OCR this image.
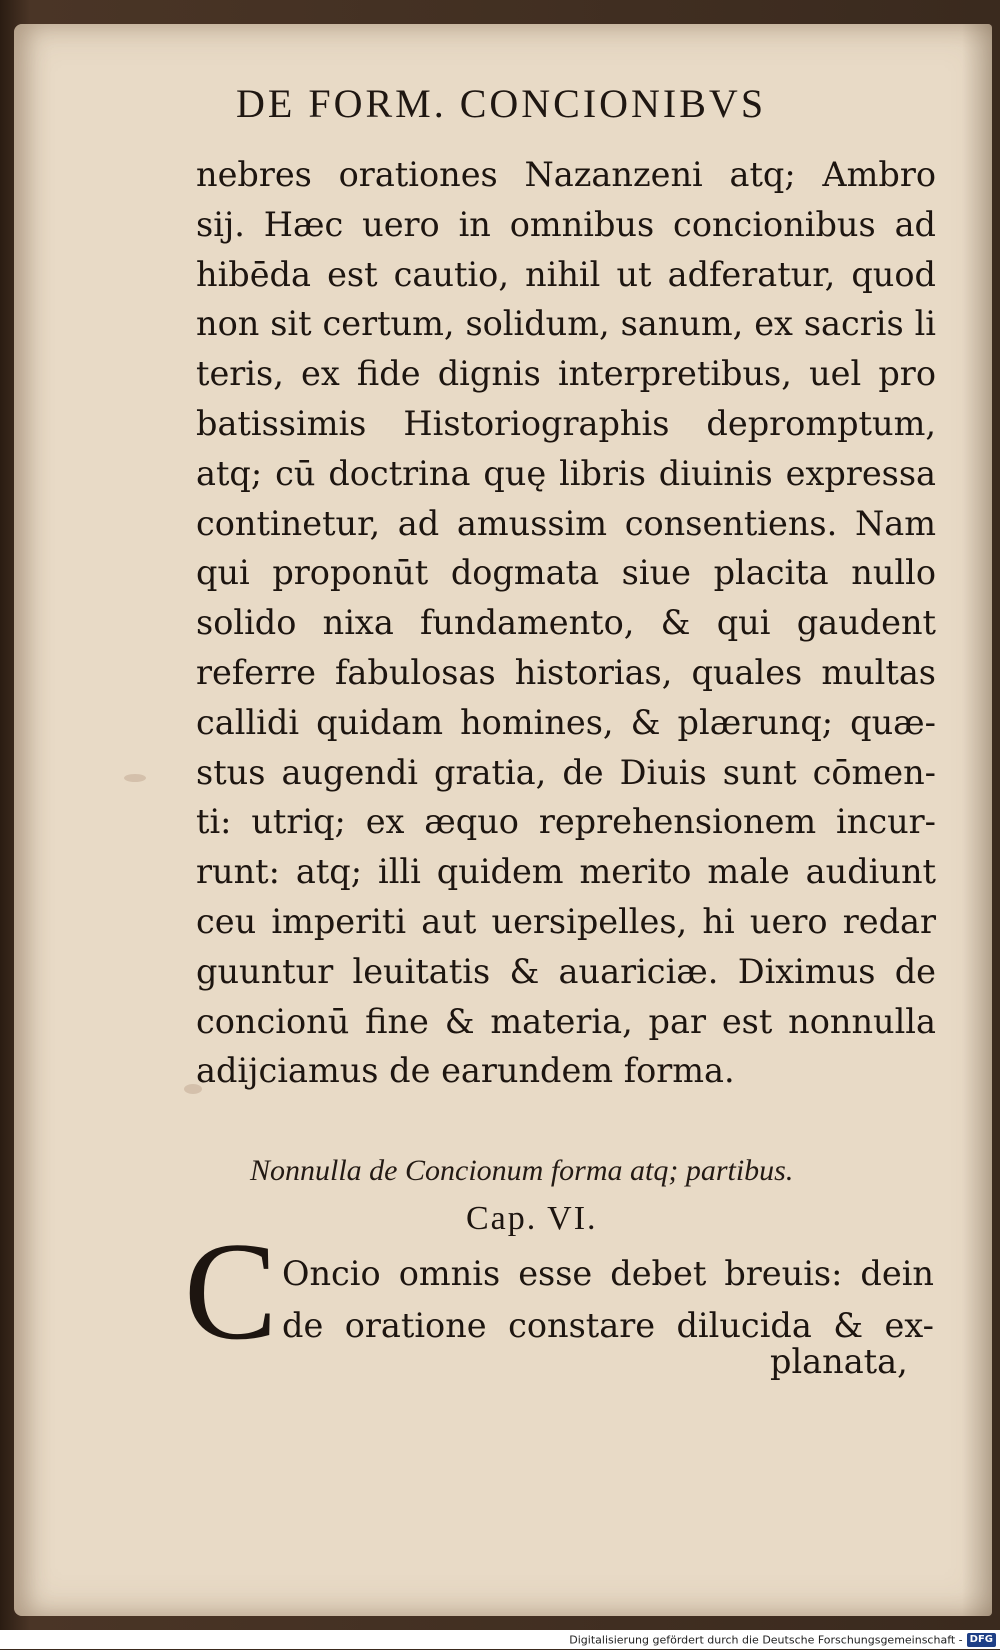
DE FORM. CONCIONIBVS
nebres orationes Nazanzeni atq; Ambro
sij. Hæc uero in omnibus concionibus ad
hibēda est cautio, nihil ut adferatur, quod
non sit certum, solidum, sanum, ex sacris li
teris, ex fide dignis interpretibus, uel pro
batissimis Historiographis depromptum,
atq; cū doctrina quę libris diuinis expressa
continetur, ad amussim consentiens. Nam
qui proponūt dogmata siue placita nullo
solido nixa fundamento, & qui gaudent
referre fabulosas historias, quales multas
callidi quidam homines, & plærunq; quæ-
stus augendi gratia, de Diuis sunt cōmen-
ti: utriq; ex æquo reprehensionem incur-
runt: atq; illi quidem merito male audiunt
ceu imperiti aut uersipelles, hi uero redar
guuntur leuitatis & auariciæ. Diximus de
concionū fine & materia, par est nonnulla
adijciamus de earundem forma.
Nonnulla de Concionum forma atq; partibus.
Cap. VI.
C Oncio omnis esse debet breuis: dein
de oratione constare dilucida & ex-
planata,
Digitalisierung gefördert durch die Deutsche Forschungsgemeinschaft - DFG
